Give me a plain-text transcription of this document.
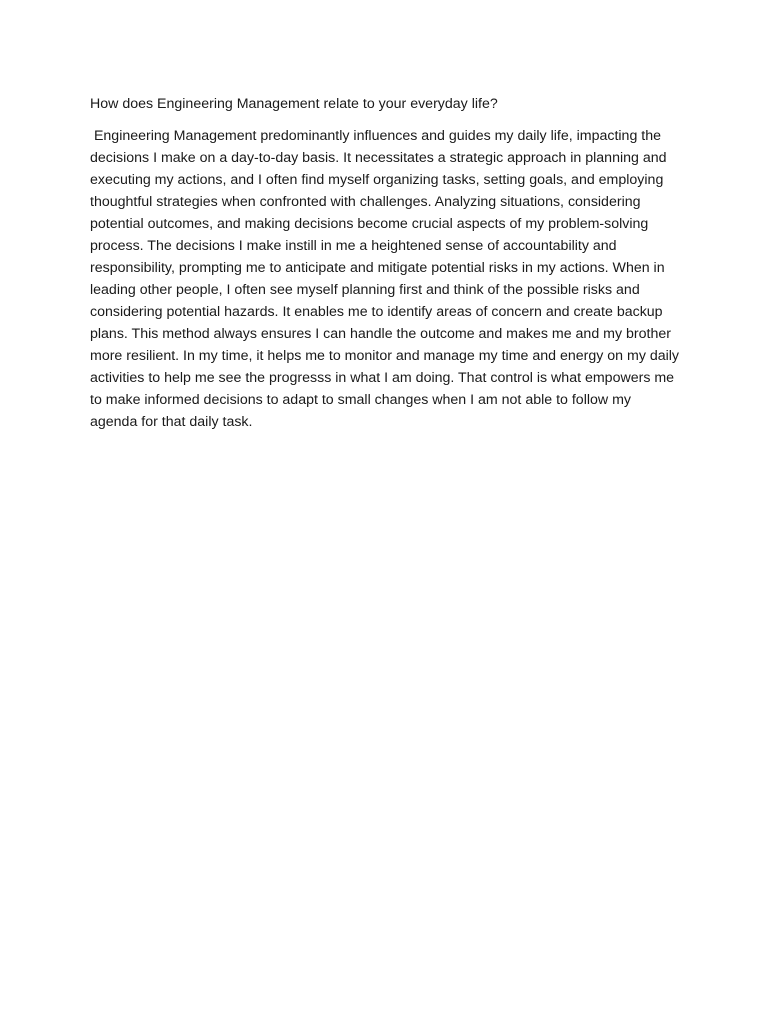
How does Engineering Management relate to your everyday life?

Engineering Management predominantly influences and guides my daily life, impacting the decisions I make on a day-to-day basis. It necessitates a strategic approach in planning and executing my actions, and I often find myself organizing tasks, setting goals, and employing thoughtful strategies when confronted with challenges. Analyzing situations, considering potential outcomes, and making decisions become crucial aspects of my problem-solving process. The decisions I make instill in me a heightened sense of accountability and responsibility, prompting me to anticipate and mitigate potential risks in my actions. When in leading other people, I often see myself planning first and think of the possible risks and considering potential hazards. It enables me to identify areas of concern and create backup plans. This method always ensures I can handle the outcome and makes me and my brother more resilient. In my time, it helps me to monitor and manage my time and energy on my daily activities to help me see the progresss in what I am doing. That control is what empowers me to make informed decisions to adapt to small changes when I am not able to follow my agenda for that daily task.
